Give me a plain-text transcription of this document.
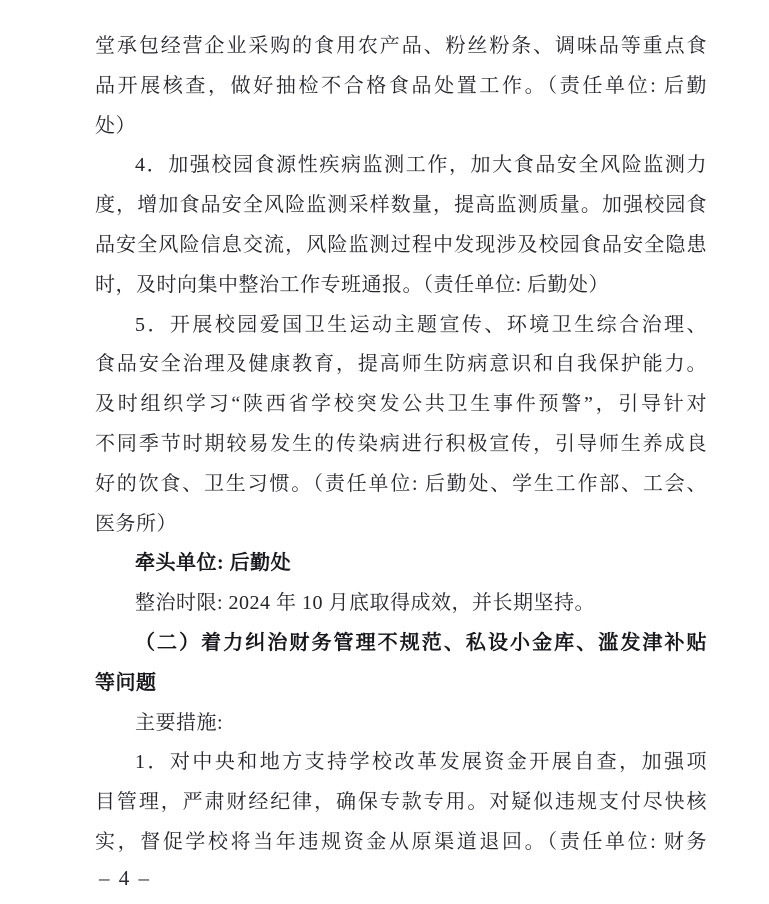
堂承包经营企业采购的食用农产品、粉丝粉条、调味品等重点食
品开展核查，做好抽检不合格食品处置工作。（责任单位: 后勤
处）
4．加强校园食源性疾病监测工作，加大食品安全风险监测力
度，增加食品安全风险监测采样数量，提高监测质量。加强校园食
品安全风险信息交流，风险监测过程中发现涉及校园食品安全隐患
时，及时向集中整治工作专班通报。（责任单位: 后勤处）
5．开展校园爱国卫生运动主题宣传、环境卫生综合治理、
食品安全治理及健康教育，提高师生防病意识和自我保护能力。
及时组织学习“陕西省学校突发公共卫生事件预警”，引导针对
不同季节时期较易发生的传染病进行积极宣传，引导师生养成良
好的饮食、卫生习惯。（责任单位: 后勤处、学生工作部、工会、
医务所）
牵头单位: 后勤处
整治时限: 2024 年 10 月底取得成效，并长期坚持。
（二）着力纠治财务管理不规范、私设小金库、滥发津补贴
等问题
主要措施:
1．对中央和地方支持学校改革发展资金开展自查，加强项
目管理，严肃财经纪律，确保专款专用。对疑似违规支付尽快核
实，督促学校将当年违规资金从原渠道退回。（责任单位: 财务
– 4 –
